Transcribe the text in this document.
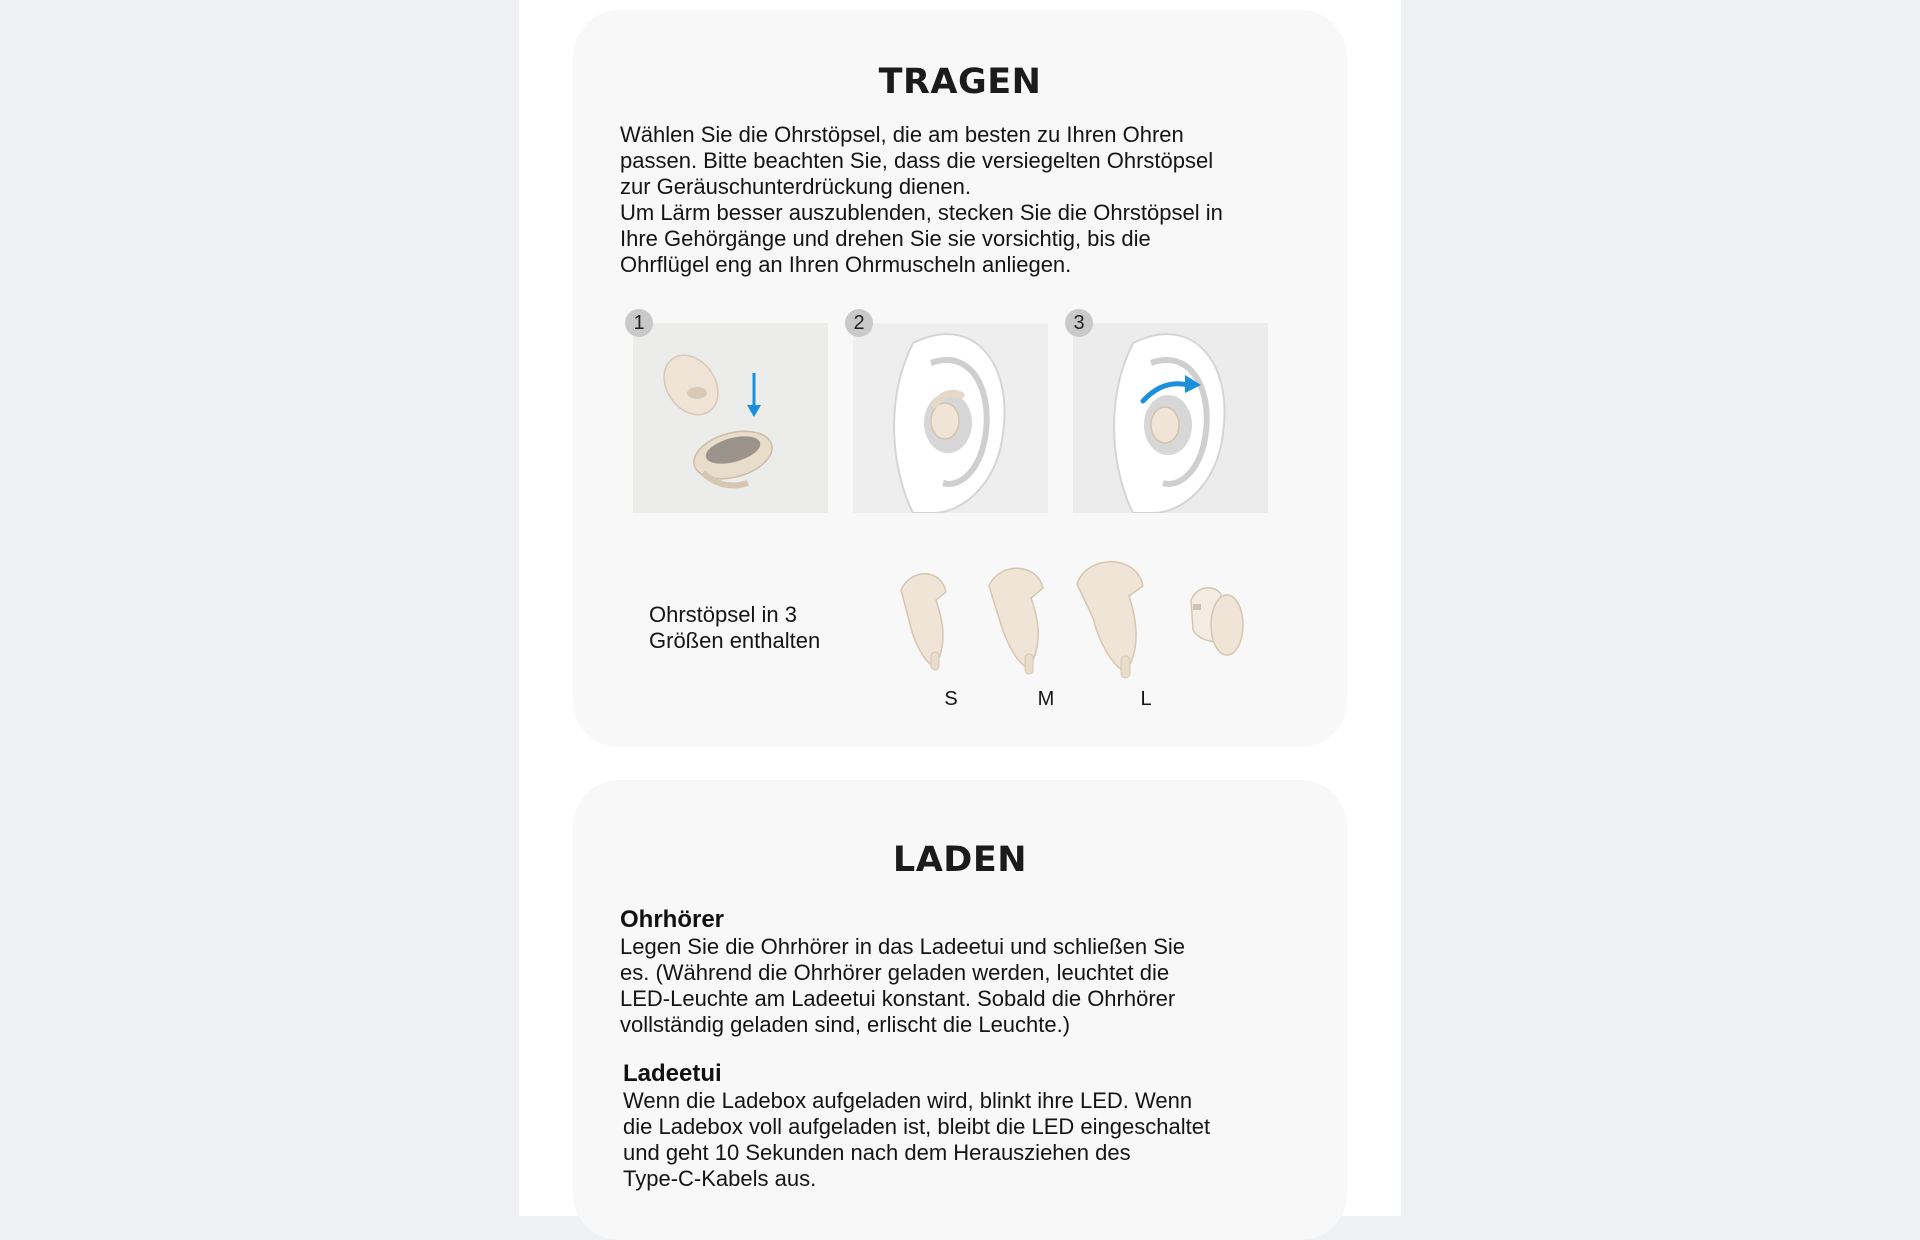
TRAGEN

Wählen Sie die Ohrstöpsel, die am besten zu Ihren Ohren
passen. Bitte beachten Sie, dass die versiegelten Ohrstöpsel
zur Geräuschunterdrückung dienen.
Um Lärm besser auszublenden, stecken Sie die Ohrstöpsel in
Ihre Gehörgänge und drehen Sie sie vorsichtig, bis die
Ohrflügel eng an Ihren Ohrmuscheln anliegen.

1	2	3

Ohrstöpsel in 3
Größen enthalten

S	M	L
LADEN
Ohrhörer

Legen Sie die Ohrhörer in das Ladeetui und schließen Sie
es. (Während die Ohrhörer geladen werden, leuchtet die
LED-Leuchte am Ladeetui konstant. Sobald die Ohrhörer
vollständig geladen sind, erlischt die Leuchte.)

Ladeetui

Wenn die Ladebox aufgeladen wird, blinkt ihre LED. Wenn
die Ladebox voll aufgeladen ist, bleibt die LED eingeschaltet
und geht 10 Sekunden nach dem Herausziehen des
Type-C-Kabels aus.
